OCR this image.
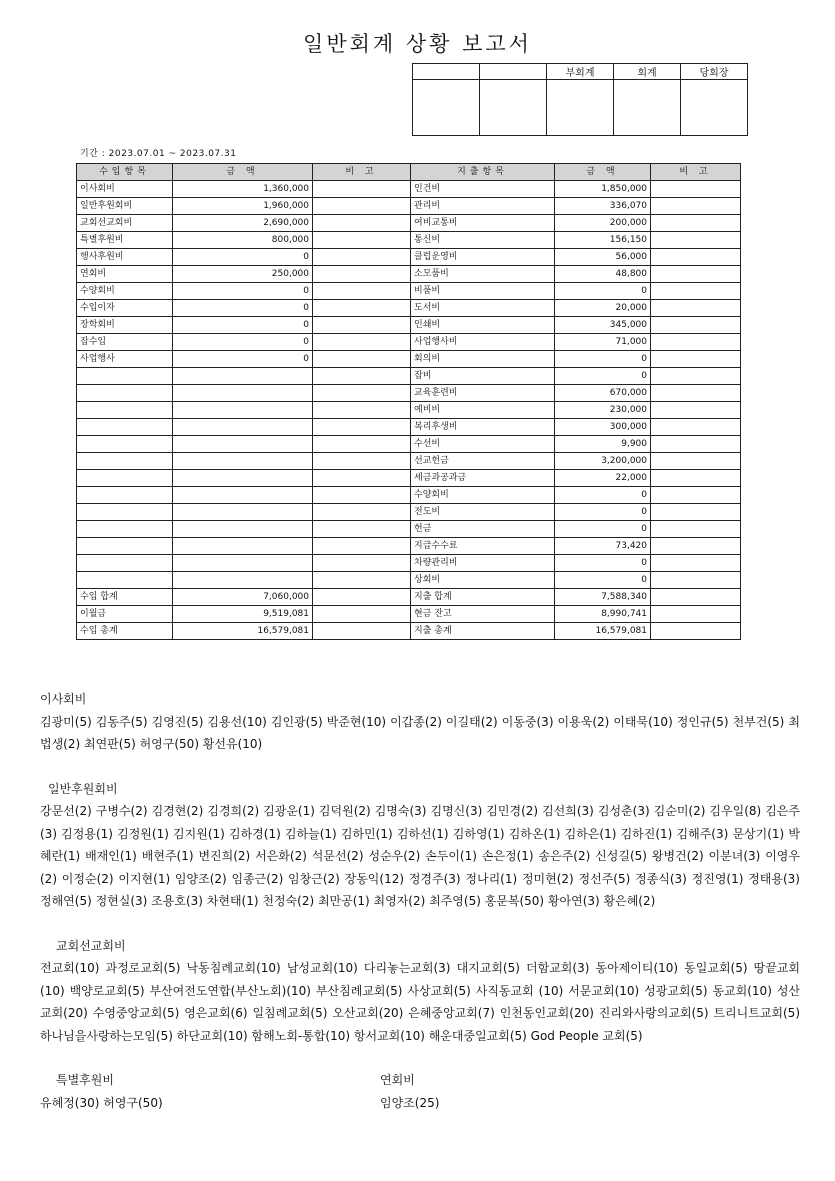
일반회계 상황 보고서
		부회계	회계	당회장

기간 : 2023.07.01 ~ 2023.07.31
수입항목	금 액	비 고	지출항목	금 액	비 고
이사회비	1,360,000		인건비	1,850,000	
일반후원회비	1,960,000		관리비	336,070	
교회선교회비	2,690,000		여비교통비	200,000	
특별후원비	800,000		통신비	156,150	
행사후원비	0		클럽운영비	56,000	
연회비	250,000		소모품비	48,800	
수양회비	0		비품비	0	
수입이자	0		도서비	20,000	
장학회비	0		인쇄비	345,000	
잡수입	0		사업행사비	71,000	
사업행사	0		회의비	0	
			잡비	0	
			교육훈련비	670,000	
			예비비	230,000	
			복리후생비	300,000	
			수선비	9,900	
			선교헌금	3,200,000	
			세금과공과금	22,000	
			수양회비	0	
			전도비	0	
			헌금	0	
			지급수수료	73,420	
			차량관리비	0	
			상회비	0	
수입 합계	7,060,000		지출 합계	7,588,340	
이월금	9,519,081		현금 잔고	8,990,741	
수입 총계	16,579,081		지출 총계	16,579,081	

이사회비

김광미(5) 김동주(5) 김영진(5) 김용선(10) 김인광(5) 박준현(10) 이갑종(2) 이길태(2) 이동중(3) 이용욱(2) 이태묵(10) 정인규(5) 천부건(5) 최법생(2) 최연판(5) 허영구(50) 황선유(10)

일반후원회비

강문선(2) 구병수(2) 김경현(2) 김경희(2) 김광운(1) 김덕원(2) 김명숙(3) 김명신(3) 김민경(2) 김선희(3) 김성춘(3) 김순미(2) 김우일(8) 김은주(3) 김정용(1) 김정원(1) 김지원(1) 김하경(1) 김하늘(1) 김하민(1) 김하선(1) 김하영(1) 김하온(1) 김하은(1) 김하진(1) 김해주(3) 문상기(1) 박혜란(1) 배재인(1) 배현주(1) 변진희(2) 서은화(2) 석문선(2) 성순우(2) 손두이(1) 손은정(1) 송은주(2) 신성길(5) 왕병건(2) 이분녀(3) 이영우(2) 이정순(2) 이지현(1) 임양조(2) 임종근(2) 임창근(2) 장동익(12) 정경주(3) 정나리(1) 정미현(2) 정선주(5) 정종식(3) 정진영(1) 정태용(3) 정해연(5) 정현실(3) 조용호(3) 차현태(1) 천정숙(2) 최만공(1) 최영자(2) 최주영(5) 홍문복(50) 황아연(3) 황은혜(2)

교회선교회비

전교회(10) 과정로교회(5) 낙동침례교회(10) 남성교회(10) 다리놓는교회(3) 대지교회(5) 더함교회(3) 동아제이티(10) 동일교회(5) 땅끝교회(10) 백양로교회(5) 부산여전도연합(부산노회)(10) 부산침례교회(5) 사상교회(5) 사직동교회 (10) 서문교회(10) 성광교회(5) 동교회(10) 성산교회(20) 수영중앙교회(5) 영은교회(6) 일침례교회(5) 오산교회(20) 은혜중앙교회(7) 인천동인교회(20) 진리와사랑의교회(5) 트리니트교회(5) 하나님을사랑하는모임(5) 하단교회(10) 함해노회-통합(10) 항서교회(10) 해운대중일교회(5) God People 교회(5)

특별후원비

유혜정(30) 허영구(50)

연회비

임양조(25)
